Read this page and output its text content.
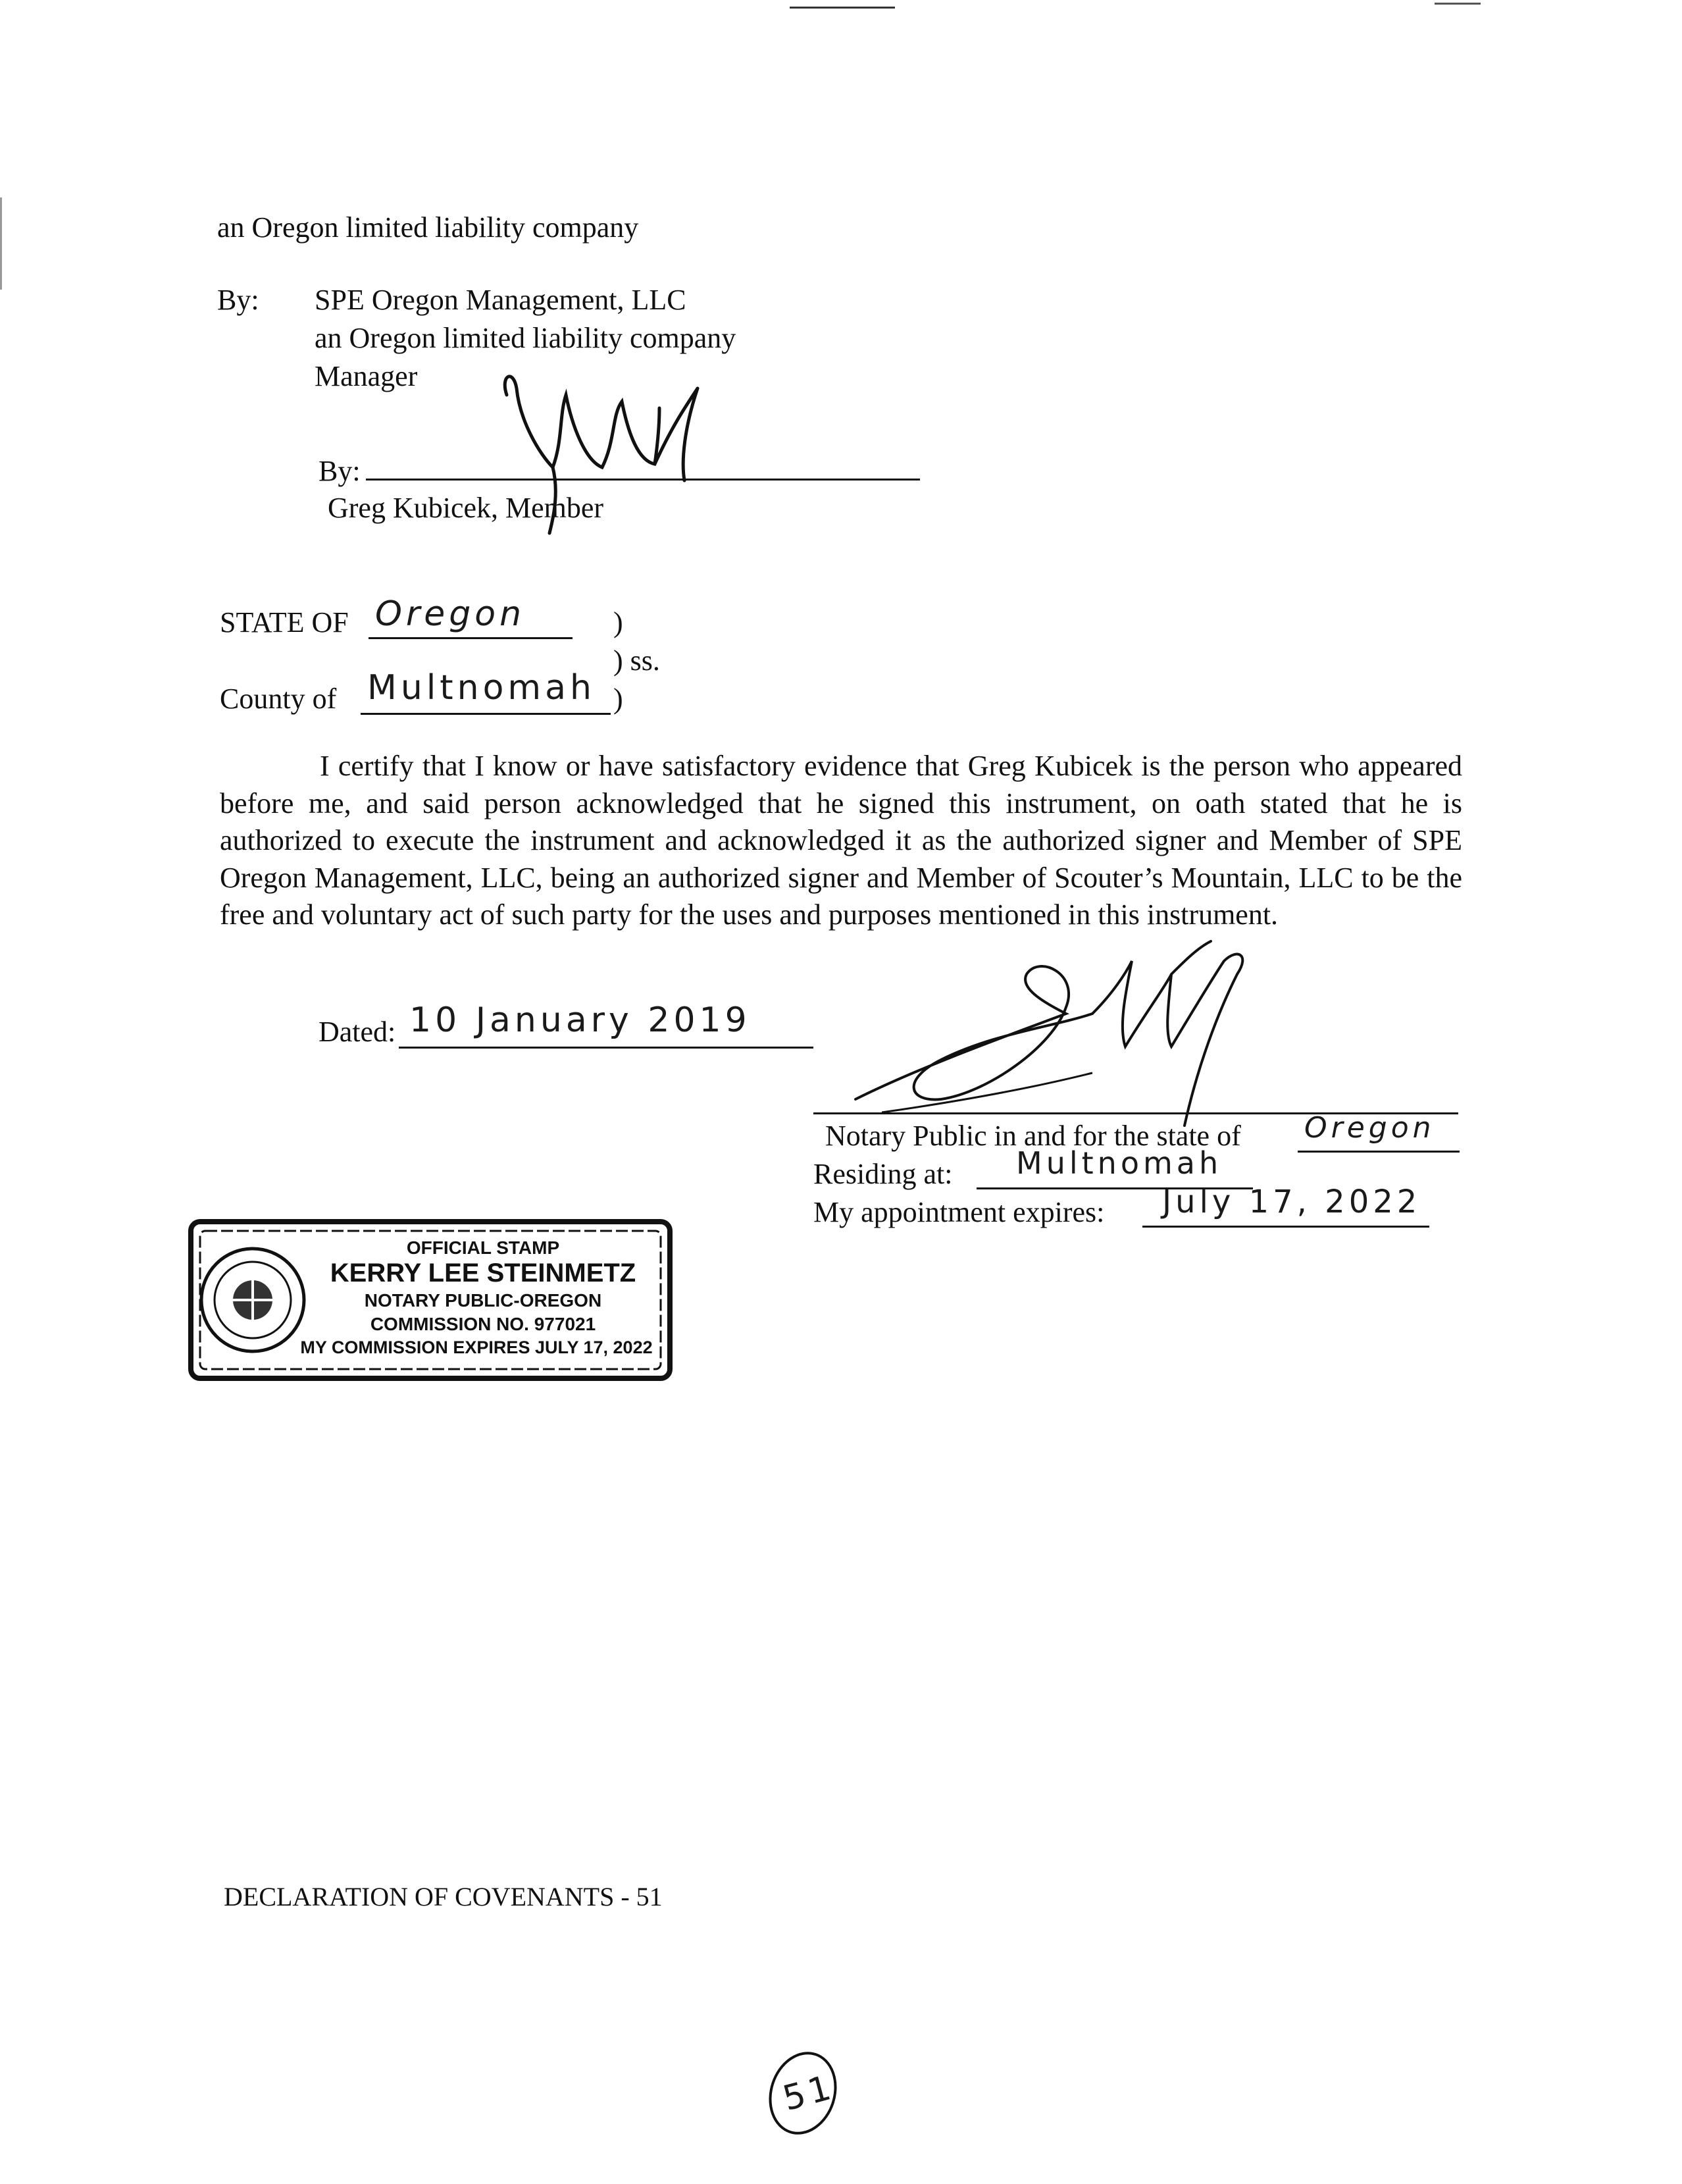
an Oregon limited liability company
By: SPE Oregon Management, LLC
an Oregon limited liability company
Manager
By:
Greg Kubicek, Member
STATE OF Oregon	)
) ss.
County of Multnomah )
I certify that I know or have satisfactory evidence that Greg Kubicek is the person who appeared before me, and said person acknowledged that he signed this instrument, on oath stated that he is authorized to execute the instrument and acknowledged it as the authorized signer and Member of SPE Oregon Management, LLC, being an authorized signer and Member of Scouter’s Mountain, LLC to be the free and voluntary act of such party for the uses and purposes mentioned in this instrument.
Dated: 10 January 2019
Notary Public in and for the state of Oregon
Residing at: Multnomah
My appointment expires: July 17, 2022
OFFICIAL STAMP
KERRY LEE STEINMETZ
NOTARY PUBLIC-OREGON
COMMISSION NO. 977021
MY COMMISSION EXPIRES JULY 17, 2022
DECLARATION OF COVENANTS - 51
51
